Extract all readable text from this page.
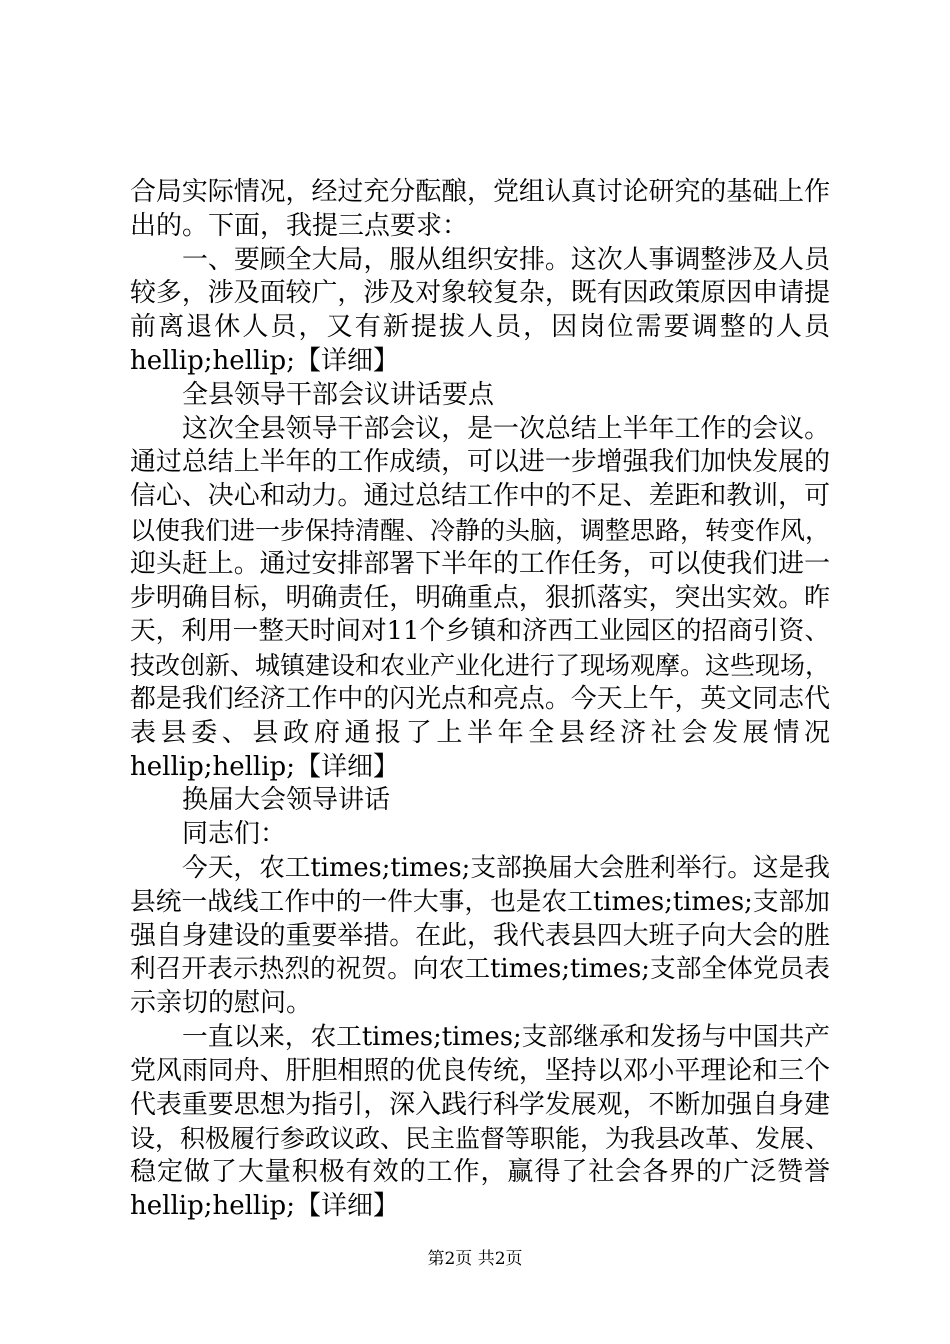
合局实际情况，经过充分酝酿，党组认真讨论研究的基础上作
出的。下面，我提三点要求：
一、要顾全大局，服从组织安排。这次人事调整涉及人员
较多，涉及面较广，涉及对象较复杂，既有因政策原因申请提
前离退休人员，又有新提拔人员，因岗位需要调整的人员
hellip;hellip;【详细】
全县领导干部会议讲话要点
这次全县领导干部会议，是一次总结上半年工作的会议。
通过总结上半年的工作成绩，可以进一步增强我们加快发展的
信心、决心和动力。通过总结工作中的不足、差距和教训，可
以使我们进一步保持清醒、冷静的头脑，调整思路，转变作风，
迎头赶上。通过安排部署下半年的工作任务，可以使我们进一
步明确目标，明确责任，明确重点，狠抓落实，突出实效。昨
天，利用一整天时间对11个乡镇和济西工业园区的招商引资、
技改创新、城镇建设和农业产业化进行了现场观摩。这些现场，
都是我们经济工作中的闪光点和亮点。今天上午，英文同志代
表县委、县政府通报了上半年全县经济社会发展情况
hellip;hellip;【详细】
换届大会领导讲话
同志们：
今天，农工times;times;支部换届大会胜利举行。这是我
县统一战线工作中的一件大事，也是农工times;times;支部加
强自身建设的重要举措。在此，我代表县四大班子向大会的胜
利召开表示热烈的祝贺。向农工times;times;支部全体党员表
示亲切的慰问。
一直以来，农工times;times;支部继承和发扬与中国共产
党风雨同舟、肝胆相照的优良传统，坚持以邓小平理论和三个
代表重要思想为指引，深入践行科学发展观，不断加强自身建
设，积极履行参政议政、民主监督等职能，为我县改革、发展、
稳定做了大量积极有效的工作，赢得了社会各界的广泛赞誉
hellip;hellip;【详细】
第2页 共2页
